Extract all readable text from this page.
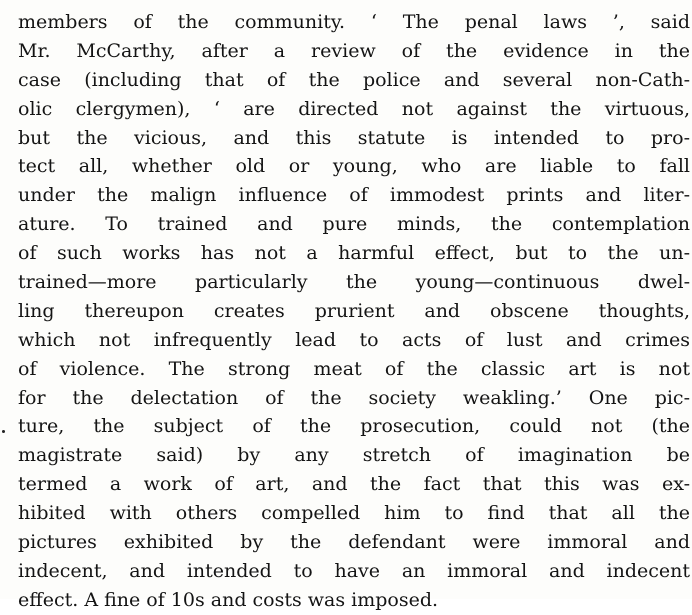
members of the community. ‘ The penal laws ’, said
Mr. McCarthy, after a review of the evidence in the
case (including that of the police and several non-Cath-
olic clergymen), ‘ are directed not against the virtuous,
but the vicious, and this statute is intended to pro-
tect all, whether old or young, who are liable to fall
under the malign influence of immodest prints and liter-
ature. To trained and pure minds, the contemplation
of such works has not a harmful effect, but to the un-
trained—more particularly the young—continuous dwel-
ling thereupon creates prurient and obscene thoughts,
which not infrequently lead to acts of lust and crimes
of violence. The strong meat of the classic art is not
for the delectation of the society weakling.’ One pic-
ture, the subject of the prosecution, could not (the
magistrate said) by any stretch of imagination be
termed a work of art, and the fact that this was ex-
hibited with others compelled him to find that all the
pictures exhibited by the defendant were immoral and
indecent, and intended to have an immoral and indecent
effect. A fine of 10s and costs was imposed.
